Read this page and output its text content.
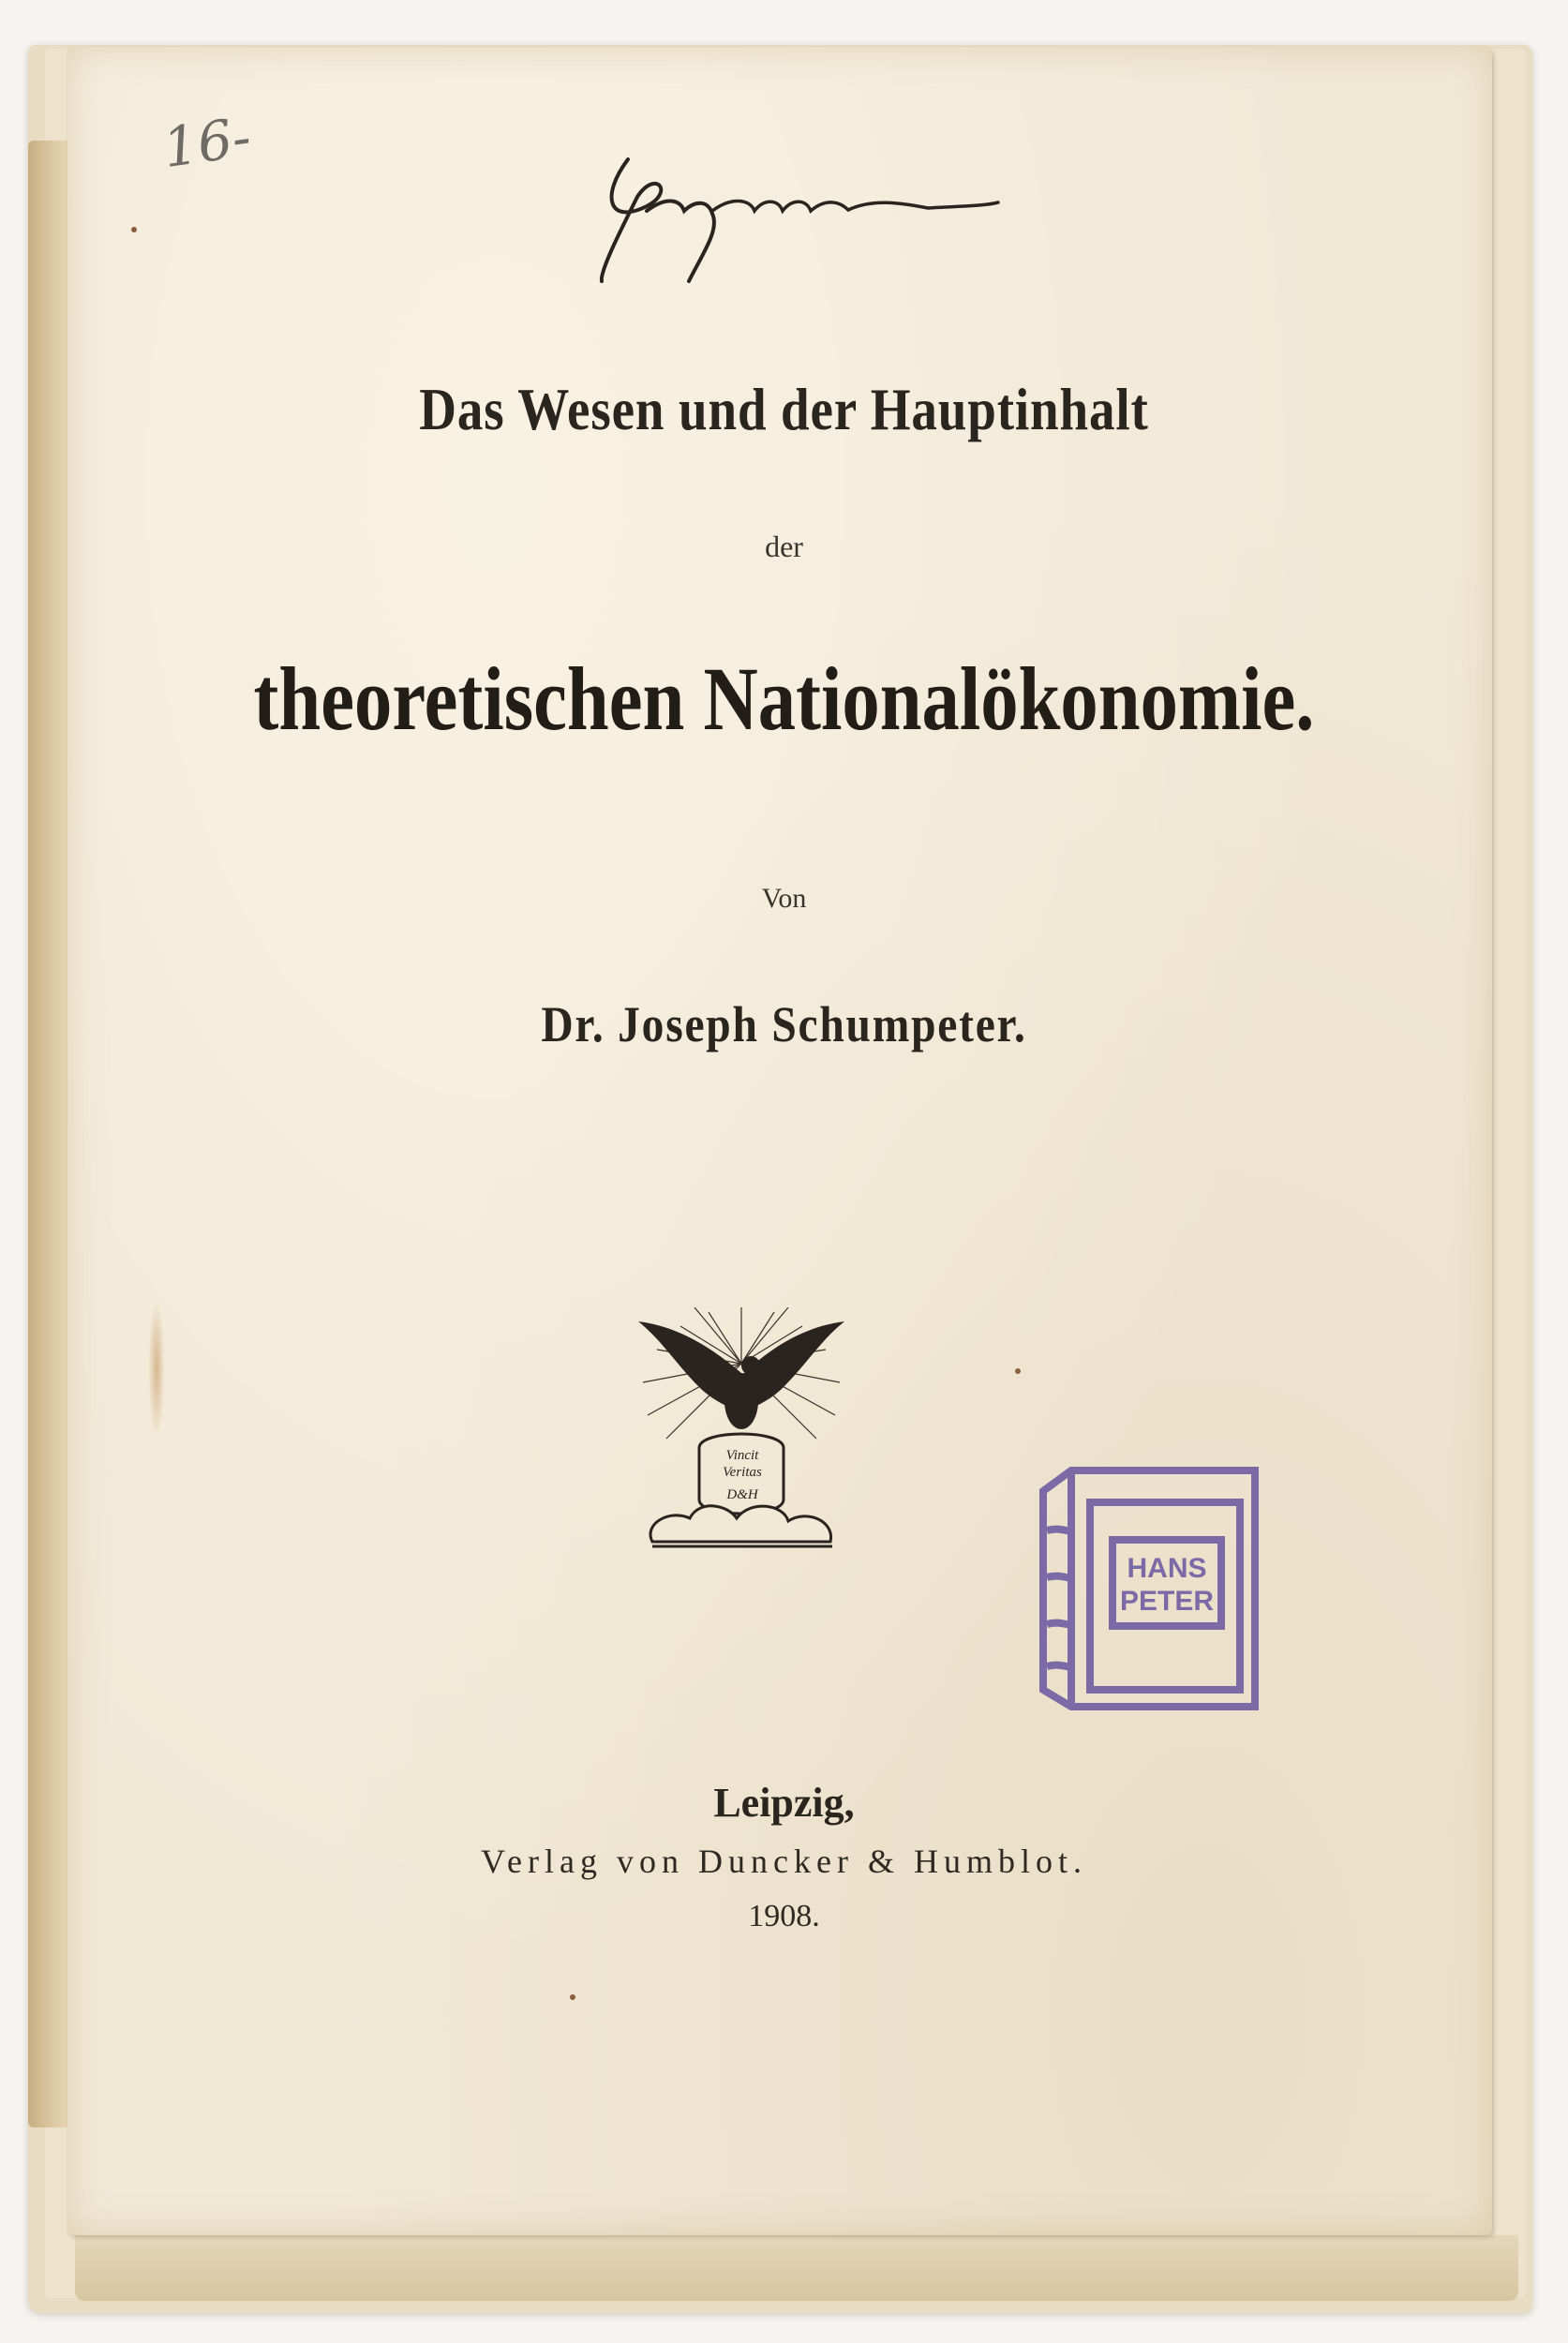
16-
Das Wesen und der Hauptinhalt
der
theoretischen Nationalökonomie.
Von
Dr. Joseph Schumpeter.
Vincit
Veritas
D&H
HANS
PETER
Leipzig,
Verlag von Duncker & Humblot.
1908.
